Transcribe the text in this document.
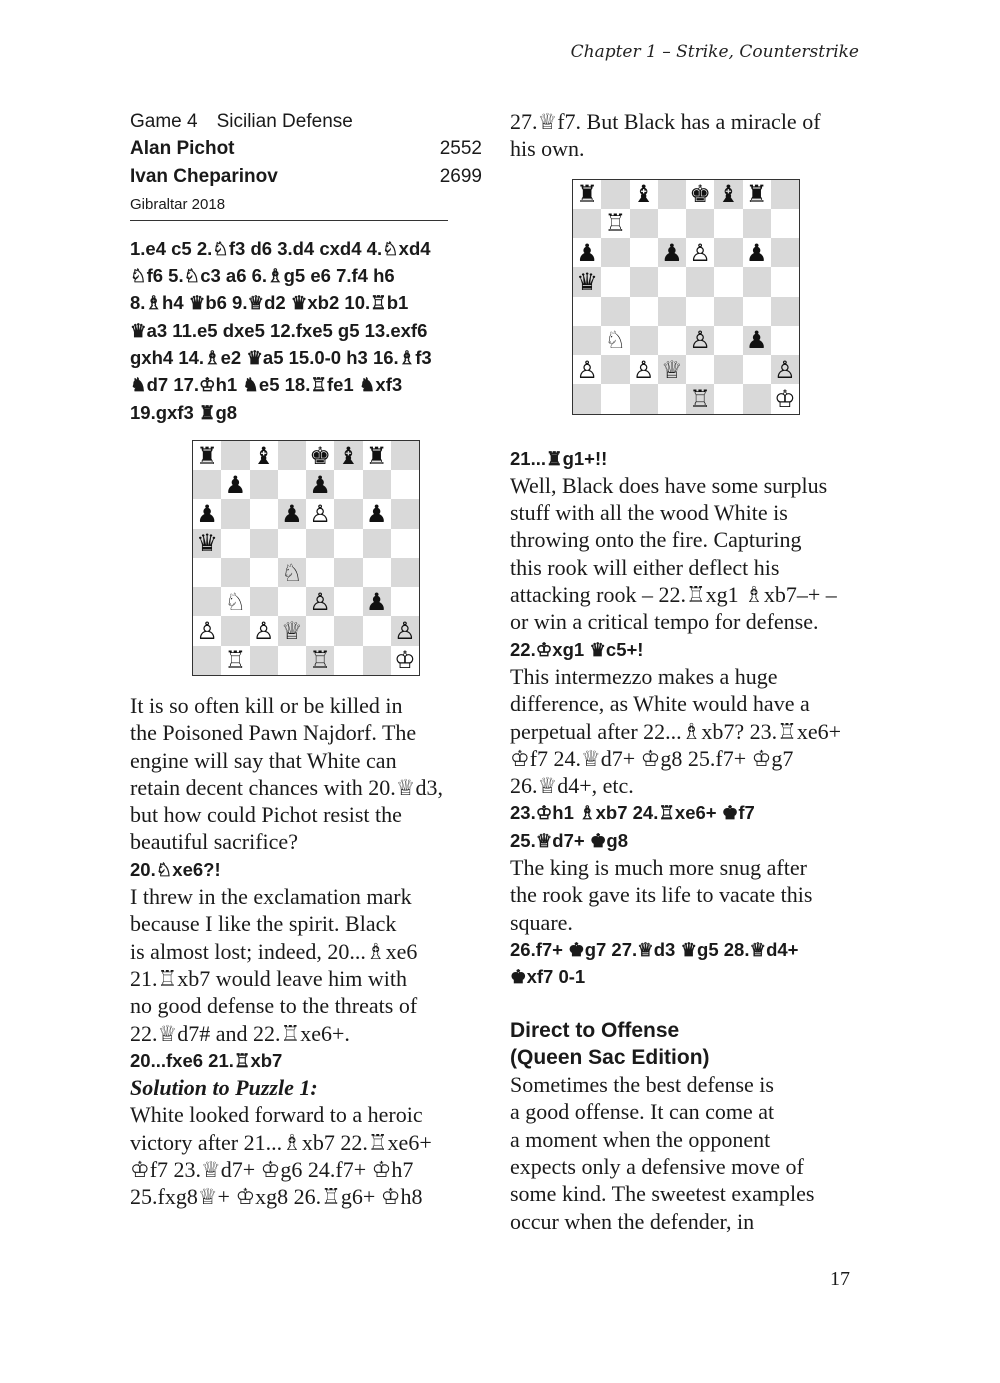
Chapter 1 – Strike, Counterstrike
Game 4 Sicilian Defense
Alan Pichot	2552
Ivan Cheparinov	2699
Gibraltar 2018
1.e4 c5 2.♘f3 d6 3.d4 cxd4 4.♘xd4
♘f6 5.♘c3 a6 6.♗g5 e6 7.f4 h6
8.♗h4 ♛b6 9.♕d2 ♛xb2 10.♖b1
♛a3 11.e5 dxe5 12.fxe5 g5 13.exf6
gxh4 14.♗e2 ♛a5 15.0-0 h3 16.♗f3
♞d7 17.♔h1 ♞e5 18.♖fe1 ♞xf3
19.gxf3 ♜g8
♜ ♝ ♚ ♝ ♜
♟	♟
♟	♟ ♙ ♟
♛
♘
♘	♙ ♟
♙ ♙ ♕	♙
♖	♖	♔
It is so often kill or be killed in
the Poisoned Pawn Najdorf. The
engine will say that White can
retain decent chances with 20.♕d3,
but how could Pichot resist the
beautiful sacrifice?
20.♘xe6?!
I threw in the exclamation mark
because I like the spirit. Black
is almost lost; indeed, 20...♗xe6
21.♖xb7 would leave him with
no good defense to the threats of
22.♕d7# and 22.♖xe6+.
20...fxe6 21.♖xb7
Solution to Puzzle 1:
White looked forward to a heroic
victory after 21...♗xb7 22.♖xe6+
♔f7 23.♕d7+ ♔g6 24.f7+ ♔h7
25.fxg8♕+ ♔xg8 26.♖g6+ ♔h8
27.♕f7. But Black has a miracle of
his own.
♜ ♝ ♚ ♝ ♜
♖
♟	♟ ♙ ♟
♛
♘	♙ ♟
♙ ♙ ♕	♙
♖	♔
21...♜g1+!!
Well, Black does have some surplus
stuff with all the wood White is
throwing onto the fire. Capturing
this rook will either deflect his
attacking rook – 22.♖xg1 ♗xb7–+ –
or win a critical tempo for defense.
22.♔xg1 ♛c5+!
This intermezzo makes a huge
difference, as White would have a
perpetual after 22...♗xb7? 23.♖xe6+
♔f7 24.♕d7+ ♔g8 25.f7+ ♔g7
26.♕d4+, etc.
23.♔h1 ♗xb7 24.♖xe6+ ♚f7
25.♕d7+ ♚g8
The king is much more snug after
the rook gave its life to vacate this
square.
26.f7+ ♚g7 27.♕d3 ♛g5 28.♕d4+
♚xf7 0-1
Direct to Offense
(Queen Sac Edition)
Sometimes the best defense is
a good offense. It can come at
a moment when the opponent
expects only a defensive move of
some kind. The sweetest examples
occur when the defender, in
17
